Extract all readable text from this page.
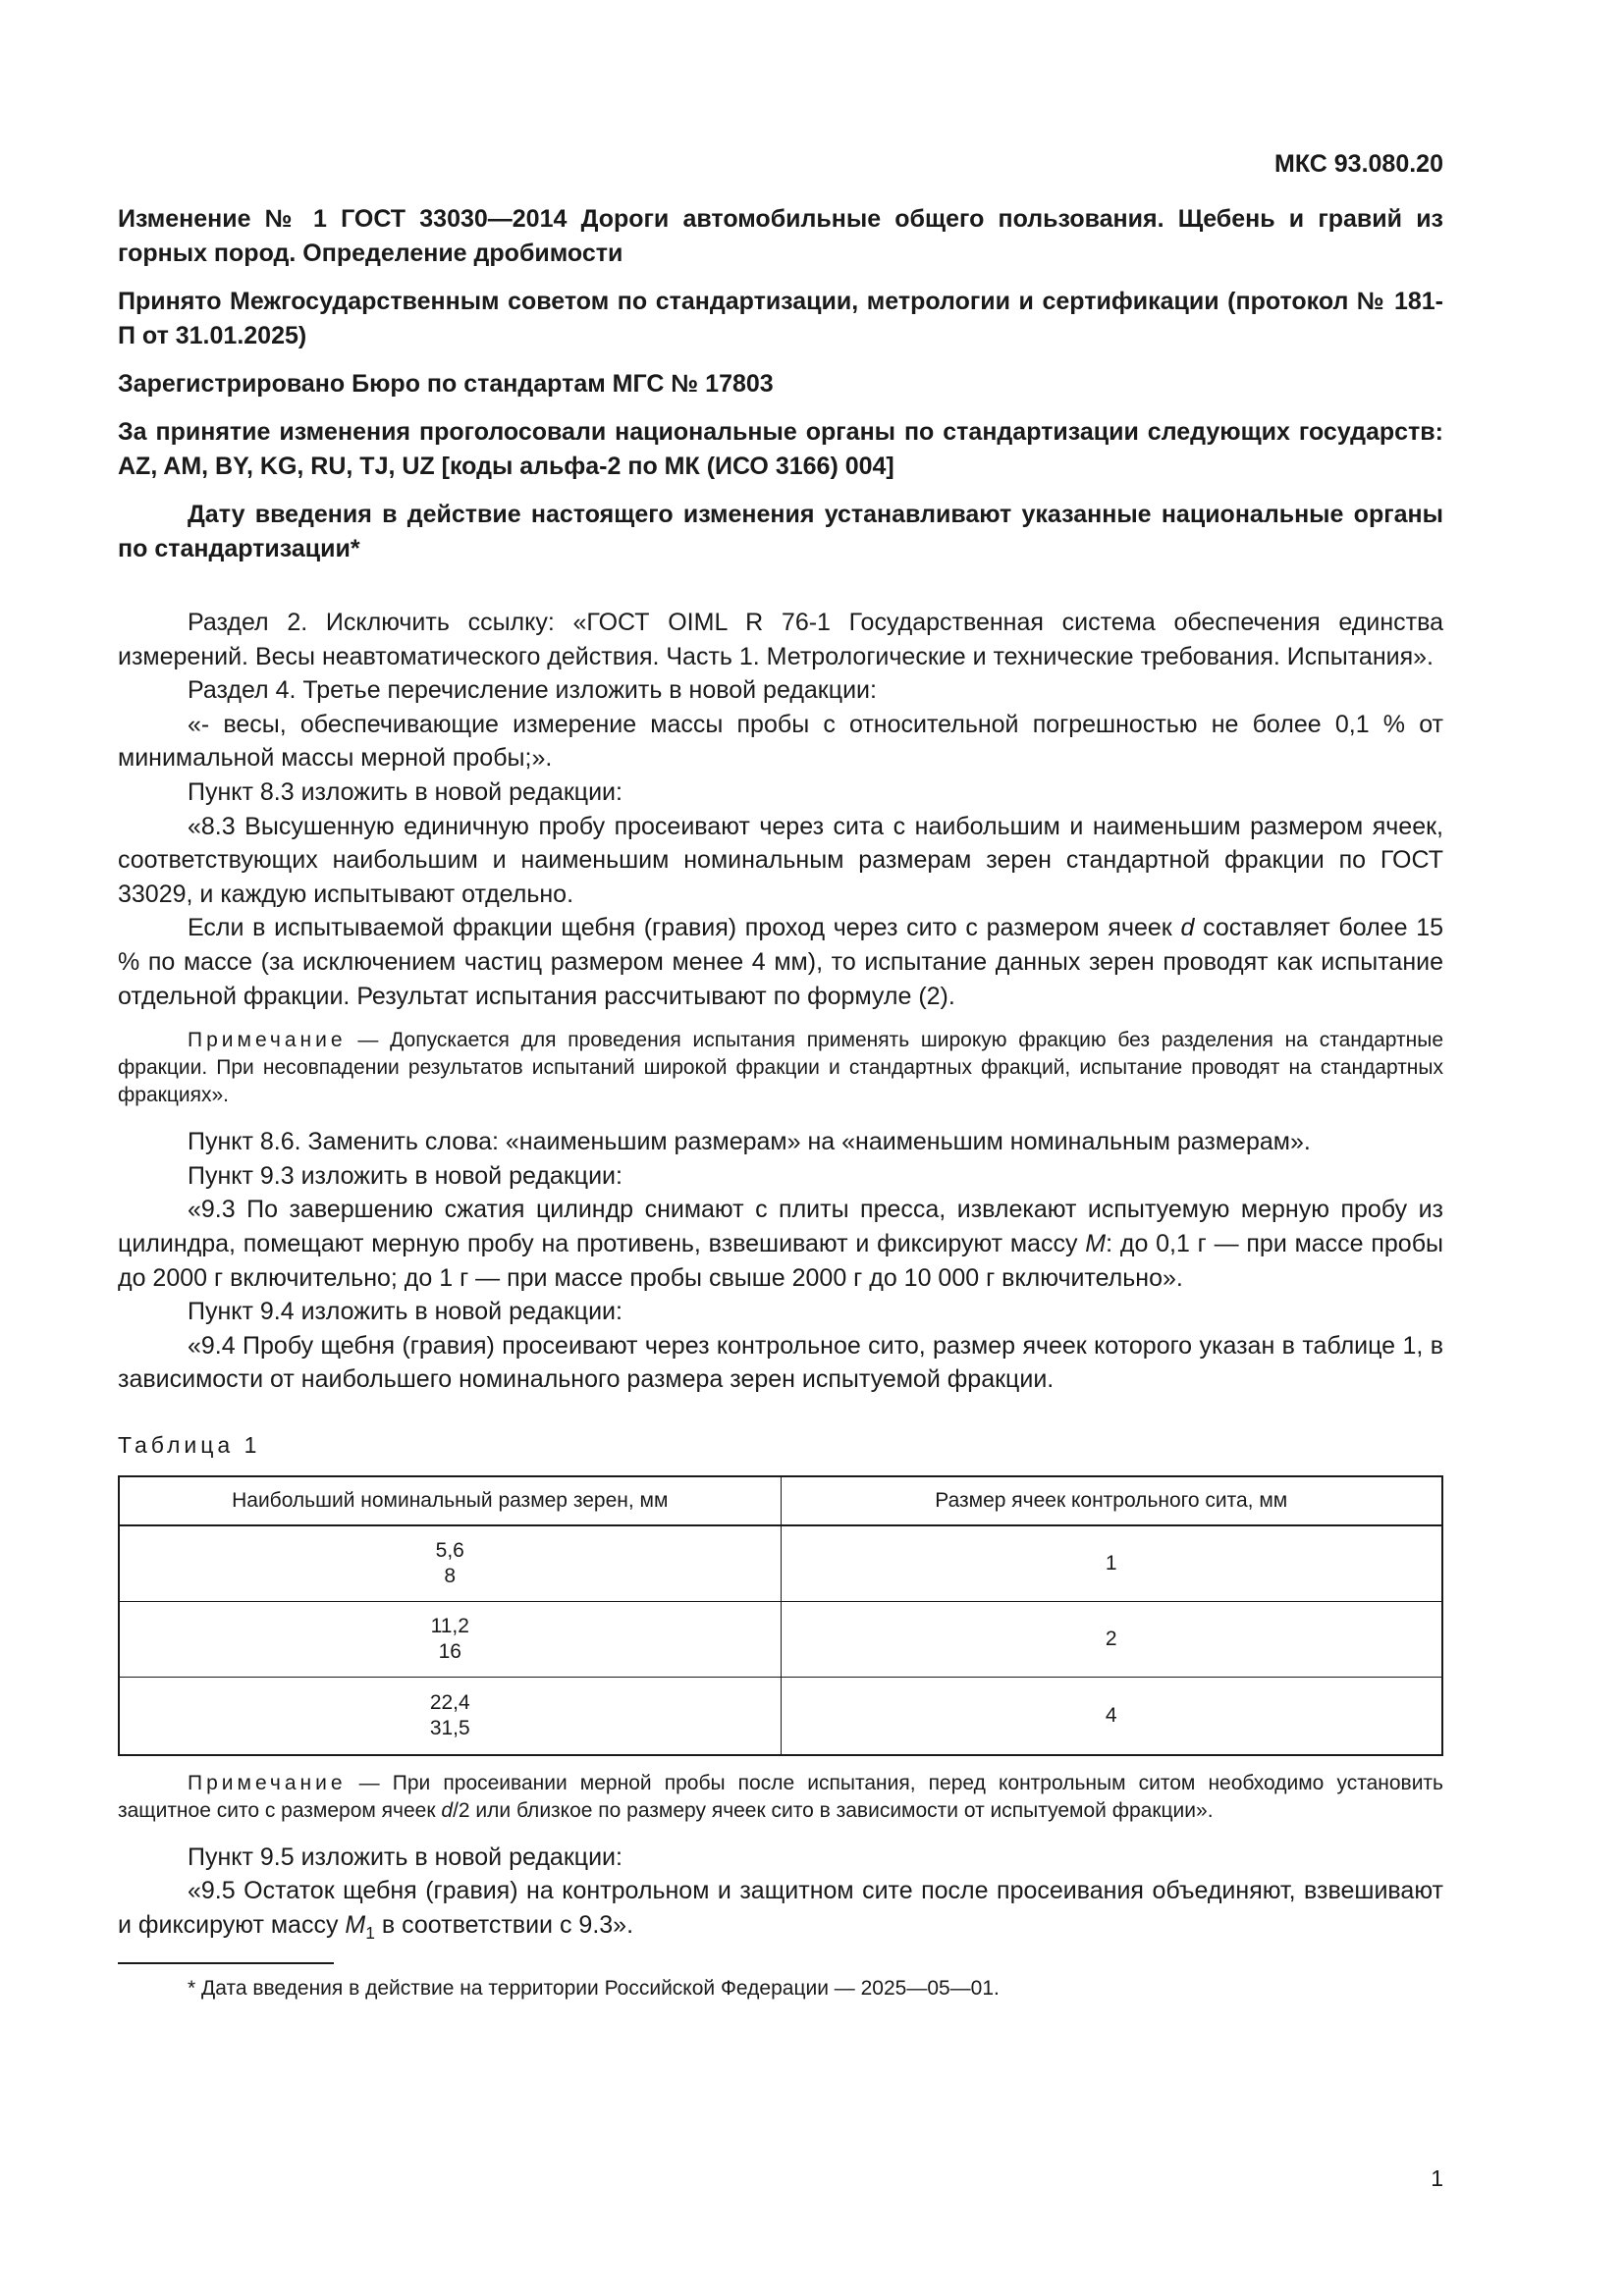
МКС 93.080.20
Изменение № 1 ГОСТ 33030—2014 Дороги автомобильные общего пользования. Щебень и гравий из горных пород. Определение дробимости
Принято Межгосударственным советом по стандартизации, метрологии и сертификации (протокол № 181-П от 31.01.2025)
Зарегистрировано Бюро по стандартам МГС № 17803
За принятие изменения проголосовали национальные органы по стандартизации следующих государств: AZ, AM, BY, KG, RU, TJ, UZ [коды альфа-2 по МК (ИСО 3166) 004]
Дату введения в действие настоящего изменения устанавливают указанные национальные органы по стандартизации*

Раздел 2. Исключить ссылку: «ГОСТ OIML R 76-1 Государственная система обеспечения единства измерений. Весы неавтоматического действия. Часть 1. Метрологические и технические требования. Испытания».

Раздел 4. Третье перечисление изложить в новой редакции:

«- весы, обеспечивающие измерение массы пробы с относительной погрешностью не более 0,1 % от минимальной массы мерной пробы;».

Пункт 8.3 изложить в новой редакции:

«8.3 Высушенную единичную пробу просеивают через сита с наибольшим и наименьшим размером ячеек, соответствующих наибольшим и наименьшим номинальным размерам зерен стандартной фракции по ГОСТ 33029, и каждую испытывают отдельно.

Если в испытываемой фракции щебня (гравия) проход через сито с размером ячеек d составляет более 15 % по массе (за исключением частиц размером менее 4 мм), то испытание данных зерен проводят как испытание отдельной фракции. Результат испытания рассчитывают по формуле (2).

Примечание — Допускается для проведения испытания применять широкую фракцию без разделения на стандартные фракции. При несовпадении результатов испытаний широкой фракции и стандартных фракций, испытание проводят на стандартных фракциях».

Пункт 8.6. Заменить слова: «наименьшим размерам» на «наименьшим номинальным размерам».

Пункт 9.3 изложить в новой редакции:

«9.3 По завершению сжатия цилиндр снимают с плиты пресса, извлекают испытуемую мерную пробу из цилиндра, помещают мерную пробу на противень, взвешивают и фиксируют массу M: до 0,1 г — при массе пробы до 2000 г включительно; до 1 г — при массе пробы свыше 2000 г до 10 000 г включительно».

Пункт 9.4 изложить в новой редакции:

«9.4 Пробу щебня (гравия) просеивают через контрольное сито, размер ячеек которого указан в таблице 1, в зависимости от наибольшего номинального размера зерен испытуемой фракции.

Таблица 1
Наибольший номинальный размер зерен, мм	Размер ячеек контрольного сита, мм

5,6
8	1

11,2
16	2

22,4
31,5	4

Примечание — При просеивании мерной пробы после испытания, перед контрольным ситом необходимо установить защитное сито с размером ячеек d/2 или близкое по размеру ячеек сито в зависимости от испытуемой фракции».

Пункт 9.5 изложить в новой редакции:

«9.5 Остаток щебня (гравия) на контрольном и защитном сите после просеивания объединяют, взвешивают и фиксируют массу $M_1$ в соответствии с 9.3».

* Дата введения в действие на территории Российской Федерации — 2025—05—01.

1
